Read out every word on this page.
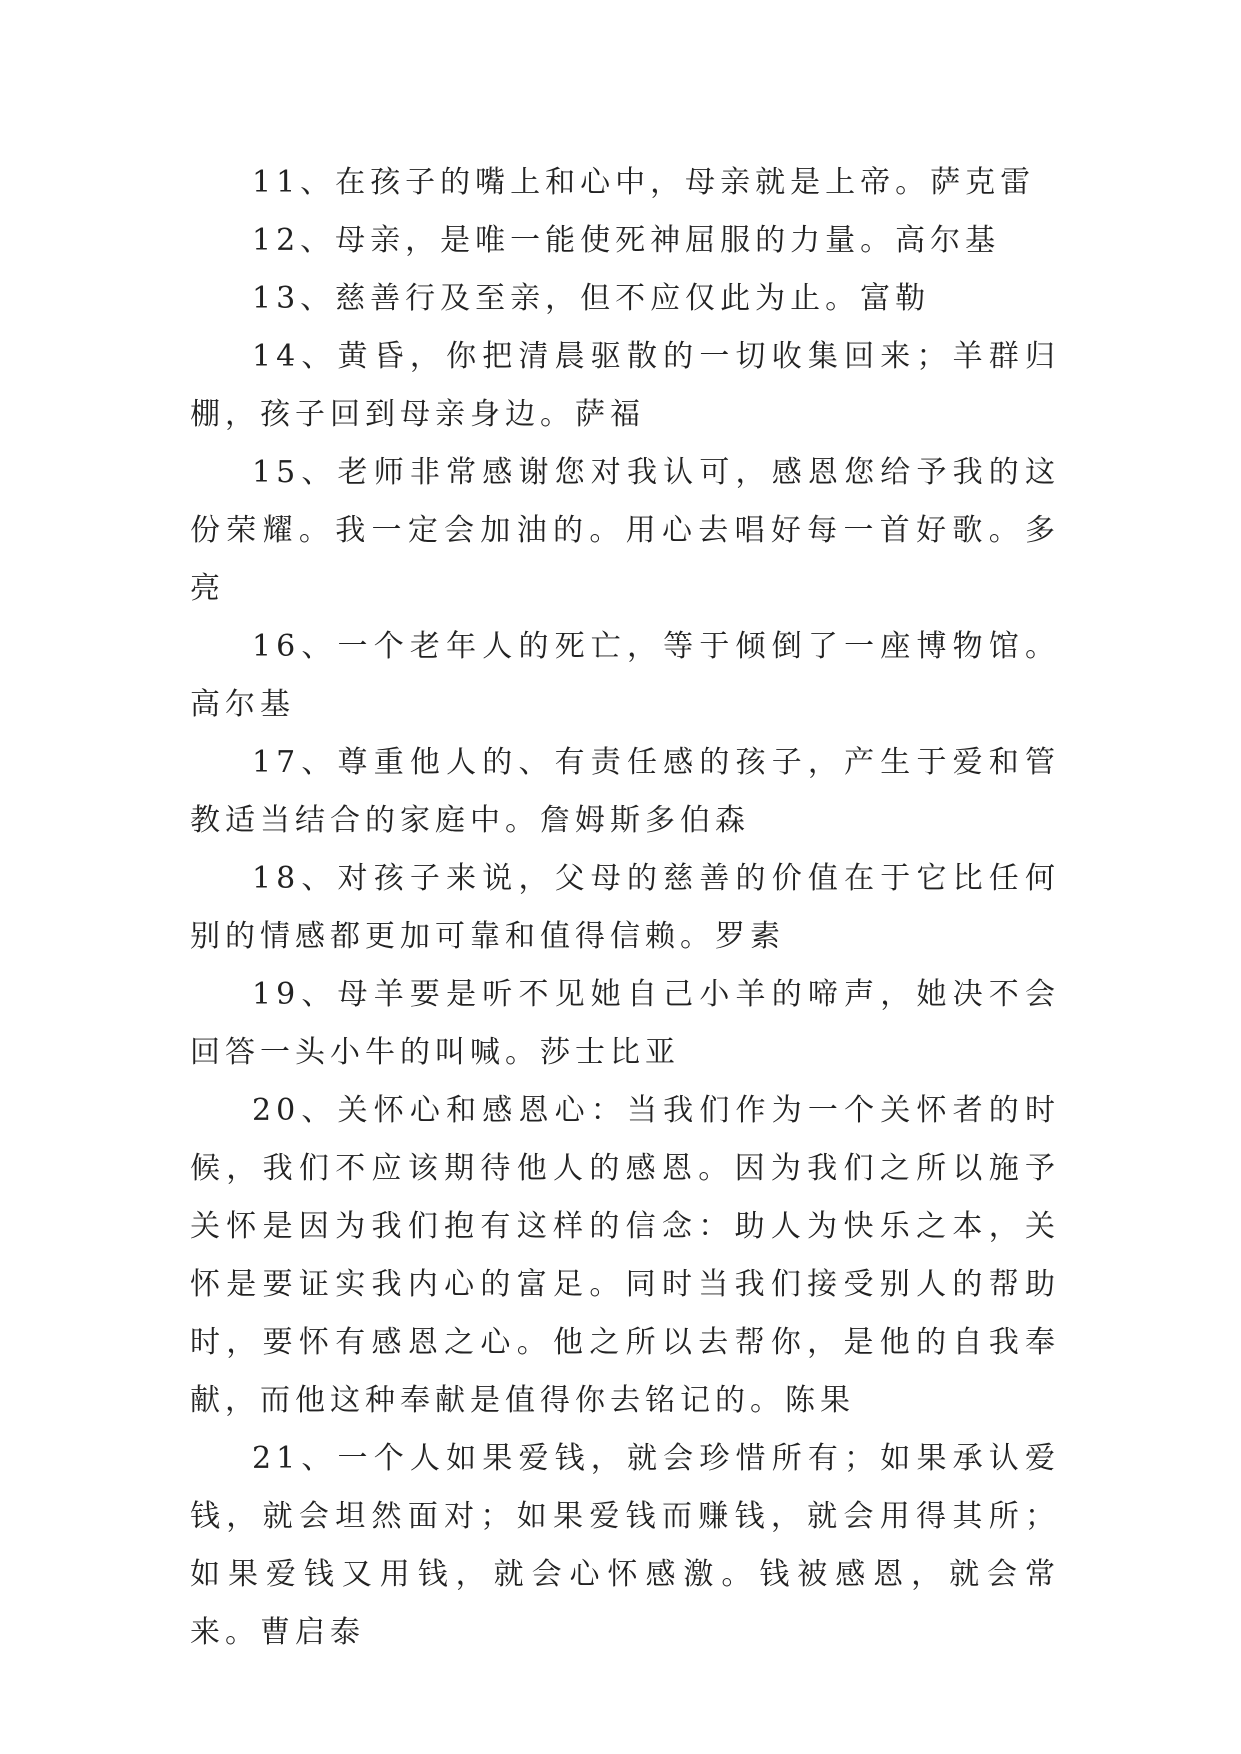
11、在孩子的嘴上和心中，母亲就是上帝。萨克雷

12、母亲，是唯一能使死神屈服的力量。高尔基

13、慈善行及至亲，但不应仅此为止。富勒

14、黄昏，你把清晨驱散的一切收集回来；羊群归棚，孩子回到母亲身边。萨福

15、老师非常感谢您对我认可，感恩您给予我的这份荣耀。我一定会加油的。用心去唱好每一首好歌。多亮

16、一个老年人的死亡，等于倾倒了一座博物馆。高尔基

17、尊重他人的、有责任感的孩子，产生于爱和管教适当结合的家庭中。詹姆斯多伯森

18、对孩子来说，父母的慈善的价值在于它比任何别的情感都更加可靠和值得信赖。罗素

19、母羊要是听不见她自己小羊的啼声，她决不会回答一头小牛的叫喊。莎士比亚

20、关怀心和感恩心：当我们作为一个关怀者的时候，我们不应该期待他人的感恩。因为我们之所以施予关怀是因为我们抱有这样的信念：助人为快乐之本，关怀是要证实我内心的富足。同时当我们接受别人的帮助时，要怀有感恩之心。他之所以去帮你，是他的自我奉献，而他这种奉献是值得你去铭记的。陈果

21、一个人如果爱钱，就会珍惜所有；如果承认爱钱，就会坦然面对；如果爱钱而赚钱，就会用得其所；如果爱钱又用钱，就会心怀感激。钱被感恩，就会常来。曹启泰
